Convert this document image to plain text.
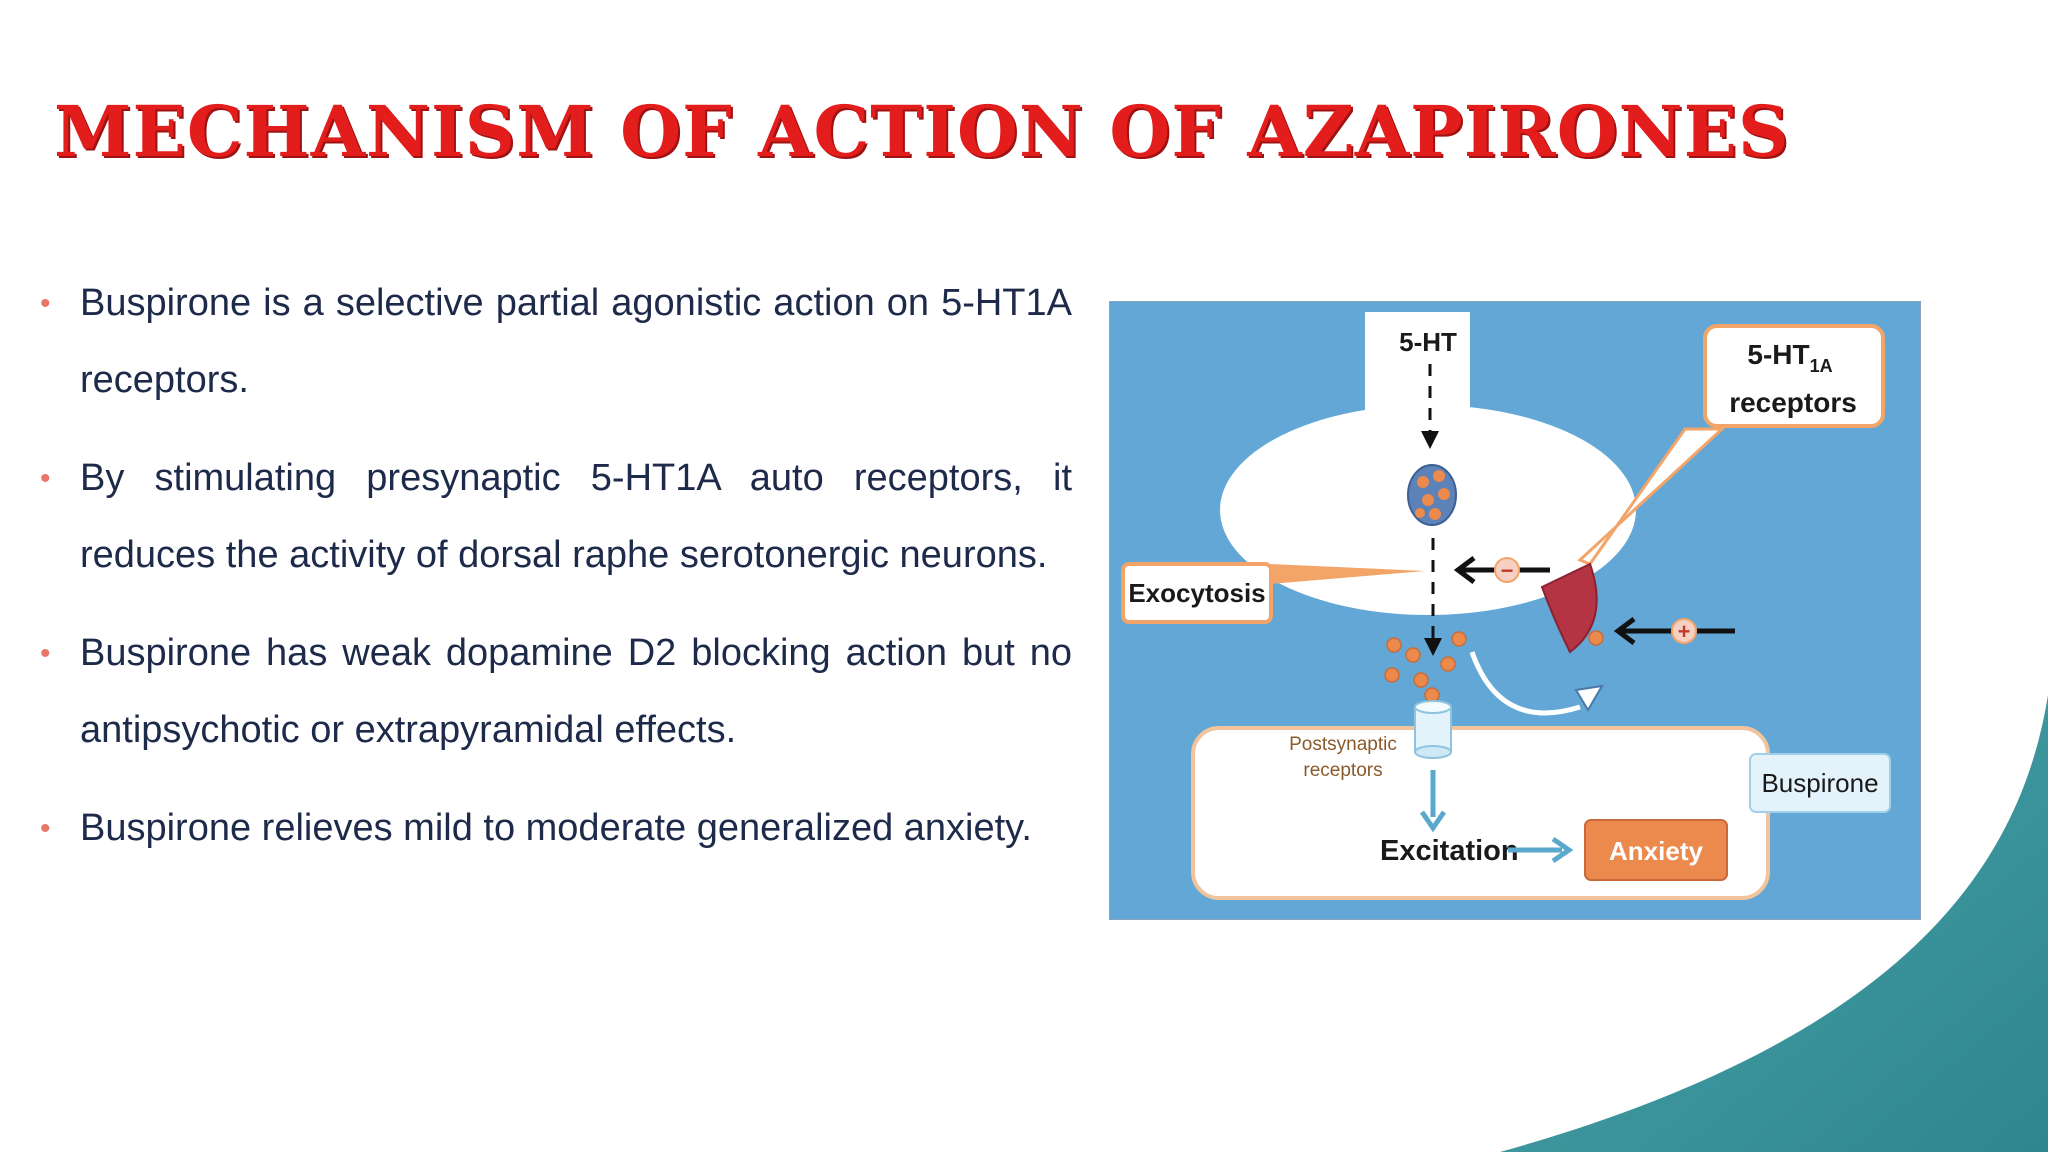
MECHANISM OF ACTION OF AZAPIRONES
• Buspirone is a selective partial agonistic action on 5-HT1A receptors.
• By stimulating presynaptic 5-HT1A auto receptors, it reduces the activity of dorsal raphe serotonergic neurons.
• Buspirone has weak dopamine D2 blocking action but no antipsychotic or extrapyramidal effects.
• Buspirone relieves mild to moderate generalized anxiety.
5-HT
Postsynaptic
receptors
Excitation	Anxiety
Buspirone
Exocytosis
$5-HT_{1A}$
receptors
−
+
